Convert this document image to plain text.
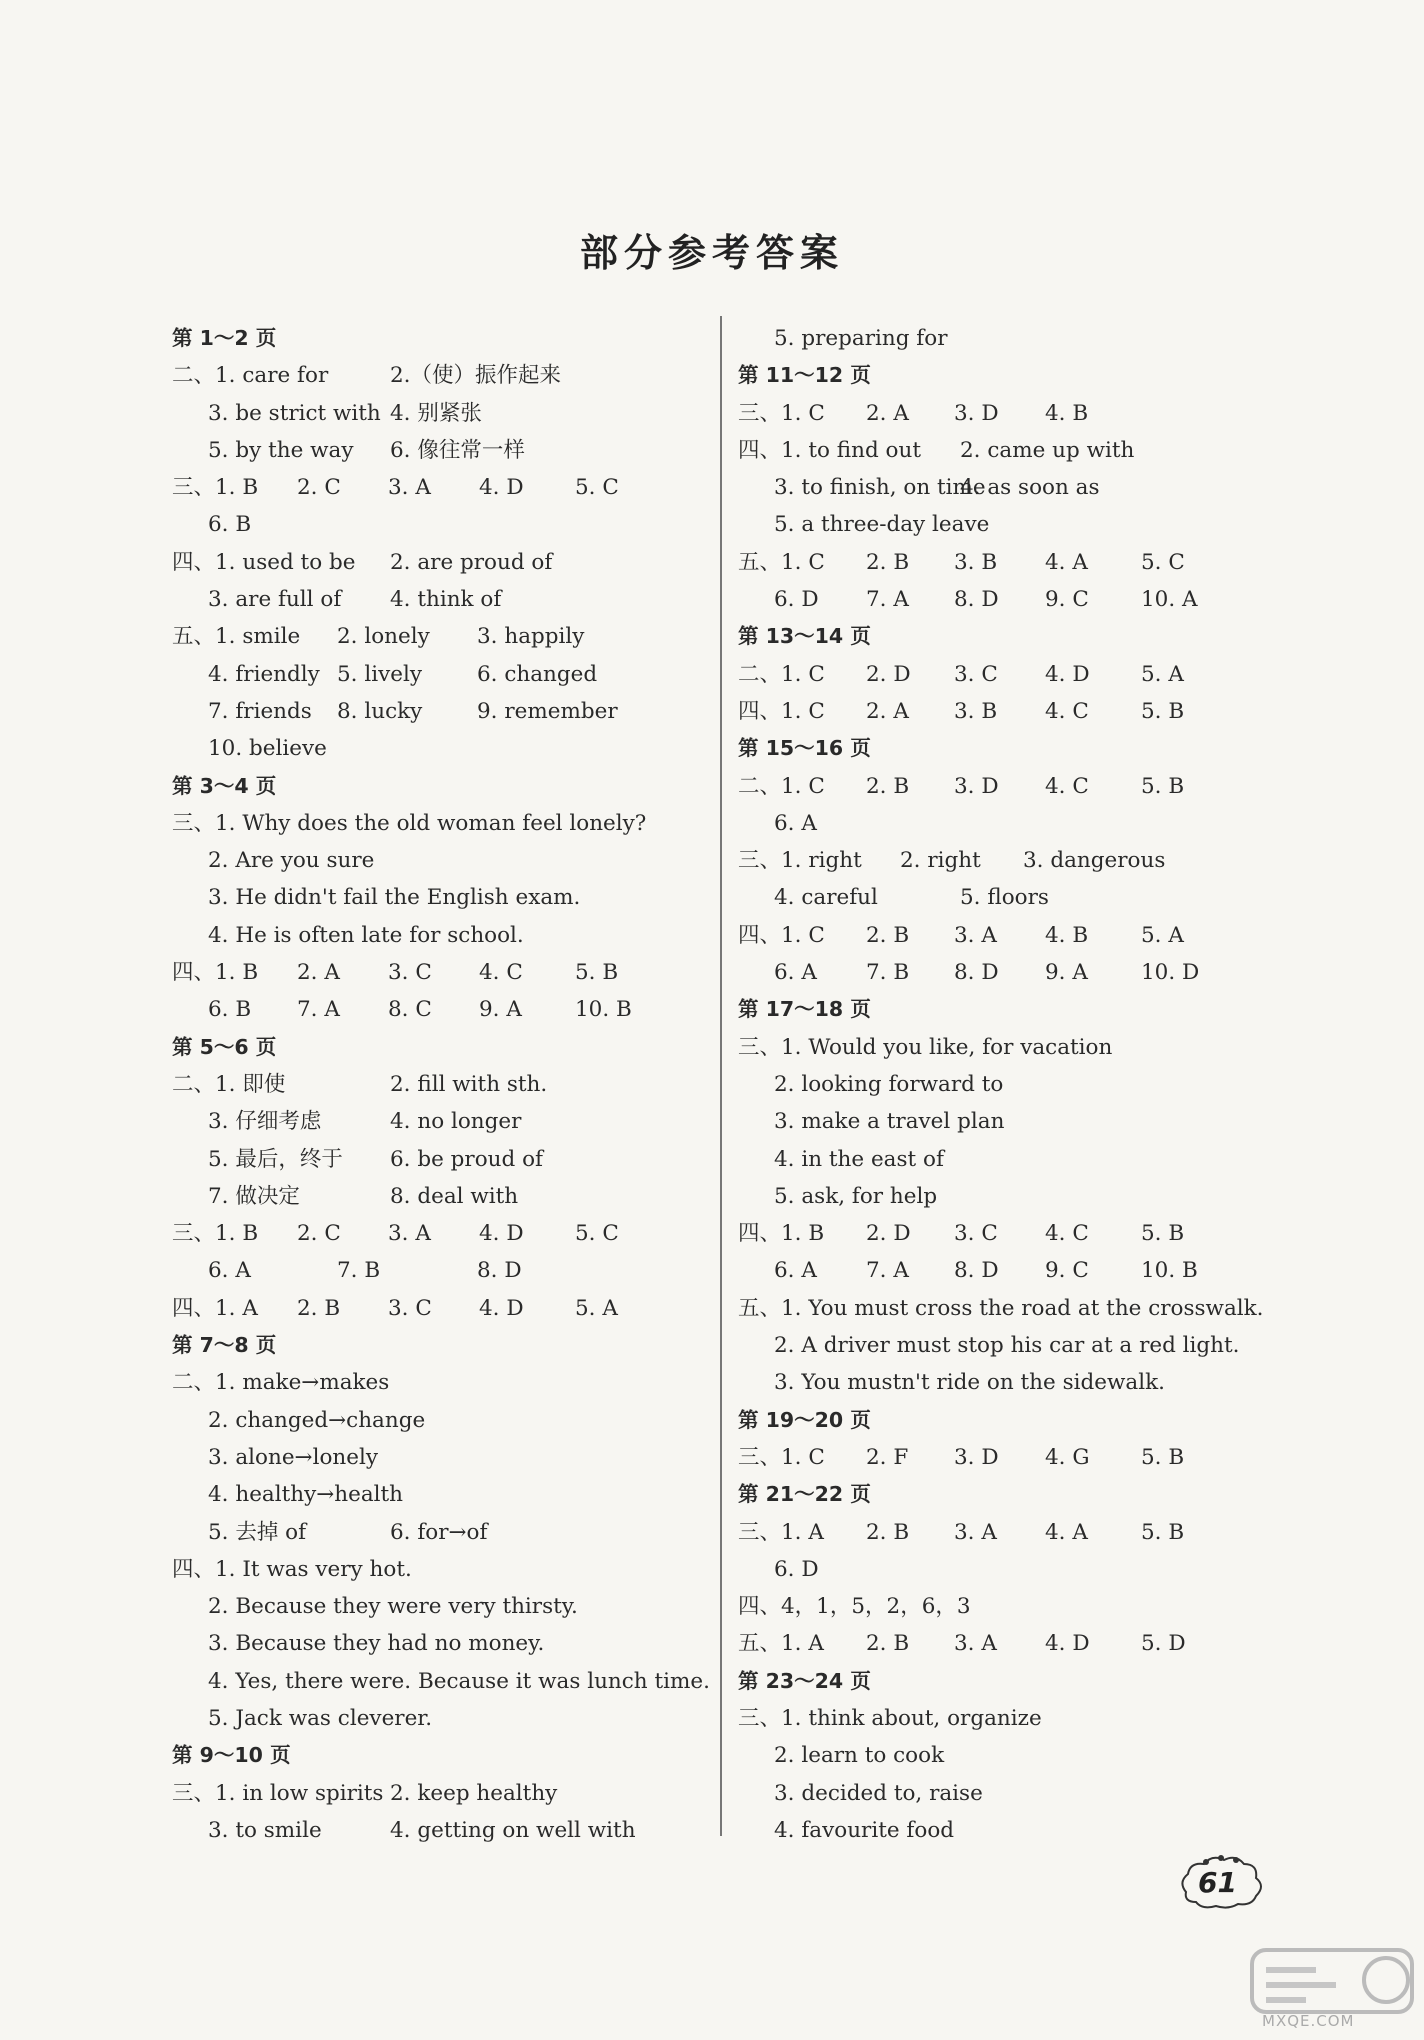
部分参考答案
第 1～2 页
二、1. care for	2.（使）振作起来
3. be strict with 4. 别紧张
5. by the way 6. 像往常一样
三、1. B 2. C 3. A 4. D 5. C
6. B
四、1. used to be 2. are proud of
3. are full of 4. think of
五、1. smile 2. lonely 3. happily
4. friendly 5. lively	6. changed
7. friends 8. lucky	9. remember
10. believe
第 3～4 页
三、1. Why does the old woman feel lonely?
2. Are you sure
3. He didn't fail the English exam.
4. He is often late for school.
四、1. B 2. A 3. C 4. C 5. B
6. B 7. A 8. C 9. A 10. B
第 5～6 页
二、1. 即使	2. fill with sth.
3. 仔细考虑	4. no longer
5. 最后，终于 6. be proud of
7. 做决定	8. deal with
三、1. B 2. C 3. A 4. D 5. C
6. A	7. B	8. D
四、1. A 2. B 3. C 4. D 5. A
第 7～8 页
二、1. make→makes
2. changed→change
3. alone→lonely
4. healthy→health
5. 去掉 of	6. for→of
四、1. It was very hot.
2. Because they were very thirsty.
3. Because they had no money.
4. Yes, there were. Because it was lunch time.
5. Jack was cleverer.
第 9～10 页
三、1. in low spirits 2. keep healthy
3. to smile	4. getting on well with
5. preparing for
第 11～12 页
三、1. C 2. A 3. D 4. B
四、1. to find out 2. came up with
3. to finish, on time
4. as soon as
5. a three-day leave
五、1. C 2. B 3. B 4. A 5. C
6. D 7. A 8. D 9. C 10. A
第 13～14 页
二、1. C 2. D 3. C 4. D 5. A
四、1. C 2. A 3. B 4. C 5. B
第 15～16 页
二、1. C 2. B 3. D 4. C 5. B
6. A
三、1. right 2. right 3. dangerous
4. careful	5. floors
四、1. C 2. B 3. A 4. B 5. A
6. A 7. B 8. D 9. A 10. D
第 17～18 页
三、1. Would you like, for vacation
2. looking forward to
3. make a travel plan
4. in the east of
5. ask, for help
四、1. B 2. D 3. C 4. C 5. B
6. A 7. A 8. D 9. C 10. B
五、1. You must cross the road at the crosswalk.
2. A driver must stop his car at a red light.
3. You mustn't ride on the sidewalk.
第 19～20 页
三、1. C 2. F 3. D 4. G 5. B
第 21～22 页
三、1. A 2. B 3. A 4. A 5. B
6. D
四、4，1，5，2，6，3
五、1. A 2. B 3. A 4. D 5. D
第 23～24 页
三、1. think about, organize
2. learn to cook
3. decided to, raise
4. favourite food
61
MXQE.COM
